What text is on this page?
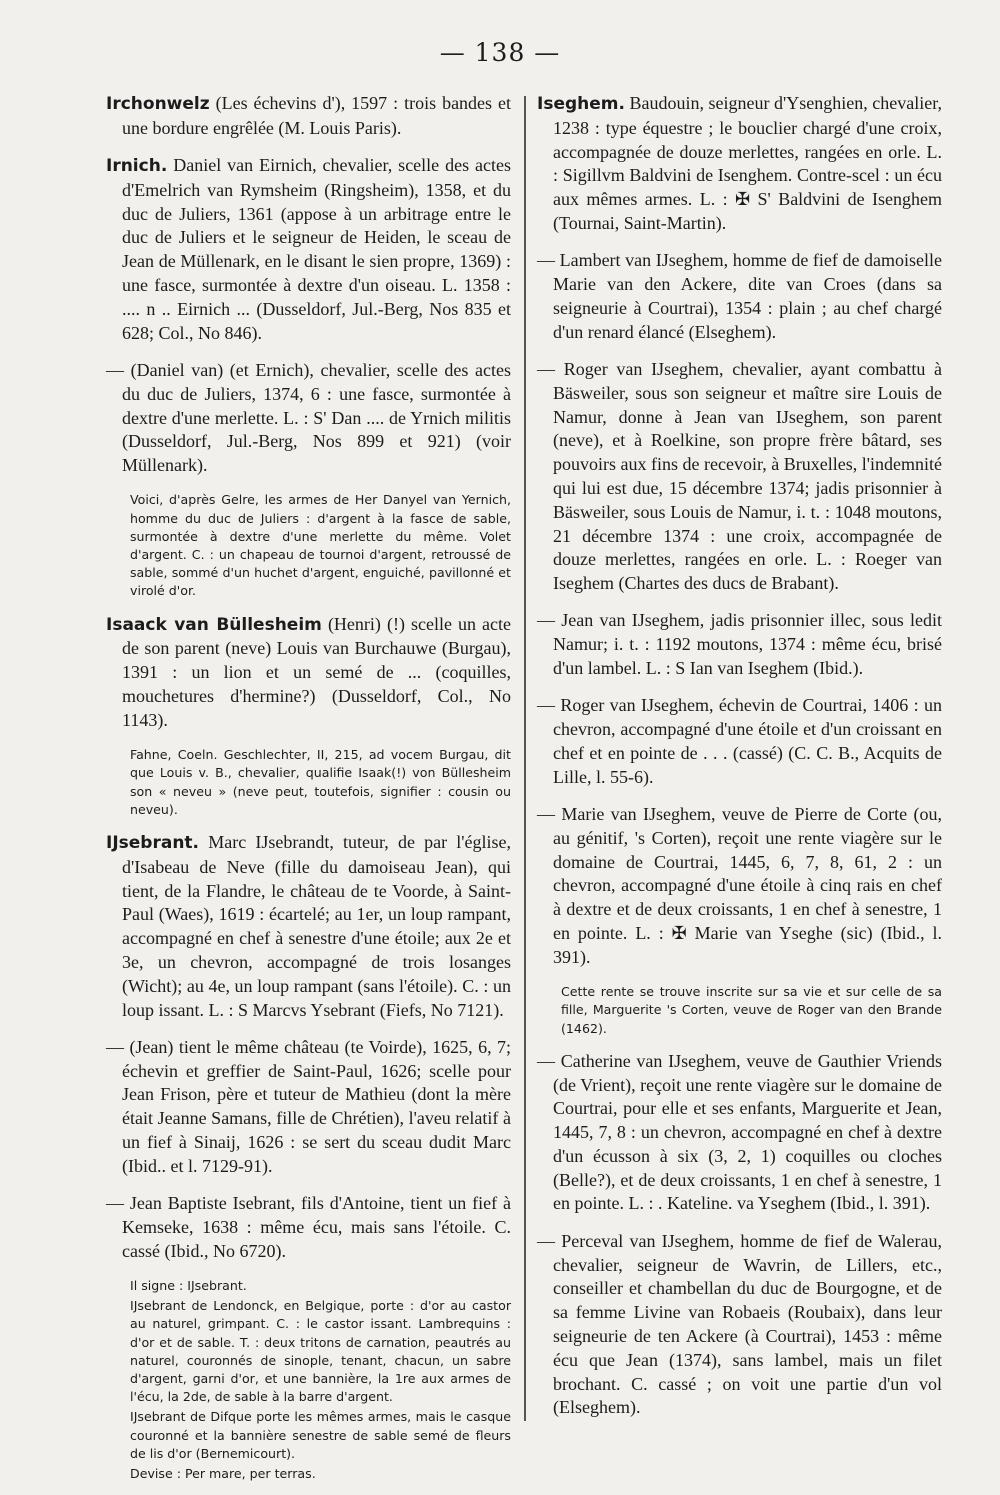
— 138 —

Irchonwelz (Les échevins d'), 1597 : trois bandes et une bordure engrêlée (M. Louis Paris).

Irnich. Daniel van Eirnich, chevalier, scelle des actes d'Emelrich van Rymsheim (Ringsheim), 1358, et du duc de Juliers, 1361 (appose à un arbitrage entre le duc de Juliers et le seigneur de Heiden, le sceau de Jean de Müllenark, en le disant le sien propre, 1369) : une fasce, surmontée à dextre d'un oiseau. L. 1358 : .... n .. Eirnich ... (Dusseldorf, Jul.-Berg, Nos 835 et 628; Col., No 846).

— (Daniel van) (et Ernich), chevalier, scelle des actes du duc de Juliers, 1374, 6 : une fasce, surmontée à dextre d'une merlette. L. : S' Dan .... de Yrnich militis (Dusseldorf, Jul.-Berg, Nos 899 et 921) (voir Müllenark).

Voici, d'après Gelre, les armes de Her Danyel van Yernich, homme du duc de Juliers : d'argent à la fasce de sable, surmontée à dextre d'une merlette du même. Volet d'argent. C. : un chapeau de tournoi d'argent, retroussé de sable, sommé d'un huchet d'argent, enguiché, pavillonné et virolé d'or.

Isaack van Büllesheim (Henri) (!) scelle un acte de son parent (neve) Louis van Burchauwe (Burgau), 1391 : un lion et un semé de ... (coquilles, mouchetures d'hermine?) (Dusseldorf, Col., No 1143).

Fahne, Coeln. Geschlechter, II, 215, ad vocem Burgau, dit que Louis v. B., chevalier, qualifie Isaak(!) von Büllesheim son « neveu » (neve peut, toutefois, signifier : cousin ou neveu).

IJsebrant. Marc IJsebrandt, tuteur, de par l'église, d'Isabeau de Neve (fille du damoiseau Jean), qui tient, de la Flandre, le château de te Voorde, à Saint-Paul (Waes), 1619 : écartelé; au 1er, un loup rampant, accompagné en chef à senestre d'une étoile; aux 2e et 3e, un chevron, accompagné de trois losanges (Wicht); au 4e, un loup rampant (sans l'étoile). C. : un loup issant. L. : S Marcvs Ysebrant (Fiefs, No 7121).

— (Jean) tient le même château (te Voirde), 1625, 6, 7; échevin et greffier de Saint-Paul, 1626; scelle pour Jean Frison, père et tuteur de Mathieu (dont la mère était Jeanne Samans, fille de Chrétien), l'aveu relatif à un fief à Sinaij, 1626 : se sert du sceau dudit Marc (Ibid.. et l. 7129-91).

— Jean Baptiste Isebrant, fils d'Antoine, tient un fief à Kemseke, 1638 : même écu, mais sans l'étoile. C. cassé (Ibid., No 6720).

Il signe : IJsebrant.

IJsebrant de Lendonck, en Belgique, porte : d'or au castor au naturel, grimpant. C. : le castor issant. Lambrequins : d'or et de sable. T. : deux tritons de carnation, peautrés au naturel, couronnés de sinople, tenant, chacun, un sabre d'argent, garni d'or, et une bannière, la 1re aux armes de l'écu, la 2de, de sable à la barre d'argent.

IJsebrant de Difque porte les mêmes armes, mais le casque couronné et la bannière senestre de sable semé de fleurs de lis d'or (Bernemicourt).

Devise : Per mare, per terras.

Iseghem. Baudouin, seigneur d'Ysenghien, chevalier, 1238 : type équestre ; le bouclier chargé d'une croix, accompagnée de douze merlettes, rangées en orle. L. : Sigillvm Baldvini de Isenghem. Contre-scel : un écu aux mêmes armes. L. : ✠ S' Baldvini de Isenghem (Tournai, Saint-Martin).

— Lambert van IJseghem, homme de fief de damoiselle Marie van den Ackere, dite van Croes (dans sa seigneurie à Courtrai), 1354 : plain ; au chef chargé d'un renard élancé (Elseghem).

— Roger van IJseghem, chevalier, ayant combattu à Bäsweiler, sous son seigneur et maître sire Louis de Namur, donne à Jean van IJseghem, son parent (neve), et à Roelkine, son propre frère bâtard, ses pouvoirs aux fins de recevoir, à Bruxelles, l'indemnité qui lui est due, 15 décembre 1374; jadis prisonnier à Bäsweiler, sous Louis de Namur, i. t. : 1048 moutons, 21 décembre 1374 : une croix, accompagnée de douze merlettes, rangées en orle. L. : Roeger van Iseghem (Chartes des ducs de Brabant).

— Jean van IJseghem, jadis prisonnier illec, sous ledit Namur; i. t. : 1192 moutons, 1374 : même écu, brisé d'un lambel. L. : S Ian van Iseghem (Ibid.).

— Roger van IJseghem, échevin de Courtrai, 1406 : un chevron, accompagné d'une étoile et d'un croissant en chef et en pointe de . . . (cassé) (C. C. B., Acquits de Lille, l. 55-6).

— Marie van IJseghem, veuve de Pierre de Corte (ou, au génitif, 's Corten), reçoit une rente viagère sur le domaine de Courtrai, 1445, 6, 7, 8, 61, 2 : un chevron, accompagné d'une étoile à cinq rais en chef à dextre et de deux croissants, 1 en chef à senestre, 1 en pointe. L. : ✠ Marie van Yseghe (sic) (Ibid., l. 391).

Cette rente se trouve inscrite sur sa vie et sur celle de sa fille, Marguerite 's Corten, veuve de Roger van den Brande (1462).

— Catherine van IJseghem, veuve de Gauthier Vriends (de Vrient), reçoit une rente viagère sur le domaine de Courtrai, pour elle et ses enfants, Marguerite et Jean, 1445, 7, 8 : un chevron, accompagné en chef à dextre d'un écusson à six (3, 2, 1) coquilles ou cloches (Belle?), et de deux croissants, 1 en chef à senestre, 1 en pointe. L. : . Kateline. va Yseghem (Ibid., l. 391).

— Perceval van IJseghem, homme de fief de Walerau, chevalier, seigneur de Wavrin, de Lillers, etc., conseiller et chambellan du duc de Bourgogne, et de sa femme Livine van Robaeis (Roubaix), dans leur seigneurie de ten Ackere (à Courtrai), 1453 : même écu que Jean (1374), sans lambel, mais un filet brochant. C. cassé ; on voit une partie d'un vol (Elseghem).
